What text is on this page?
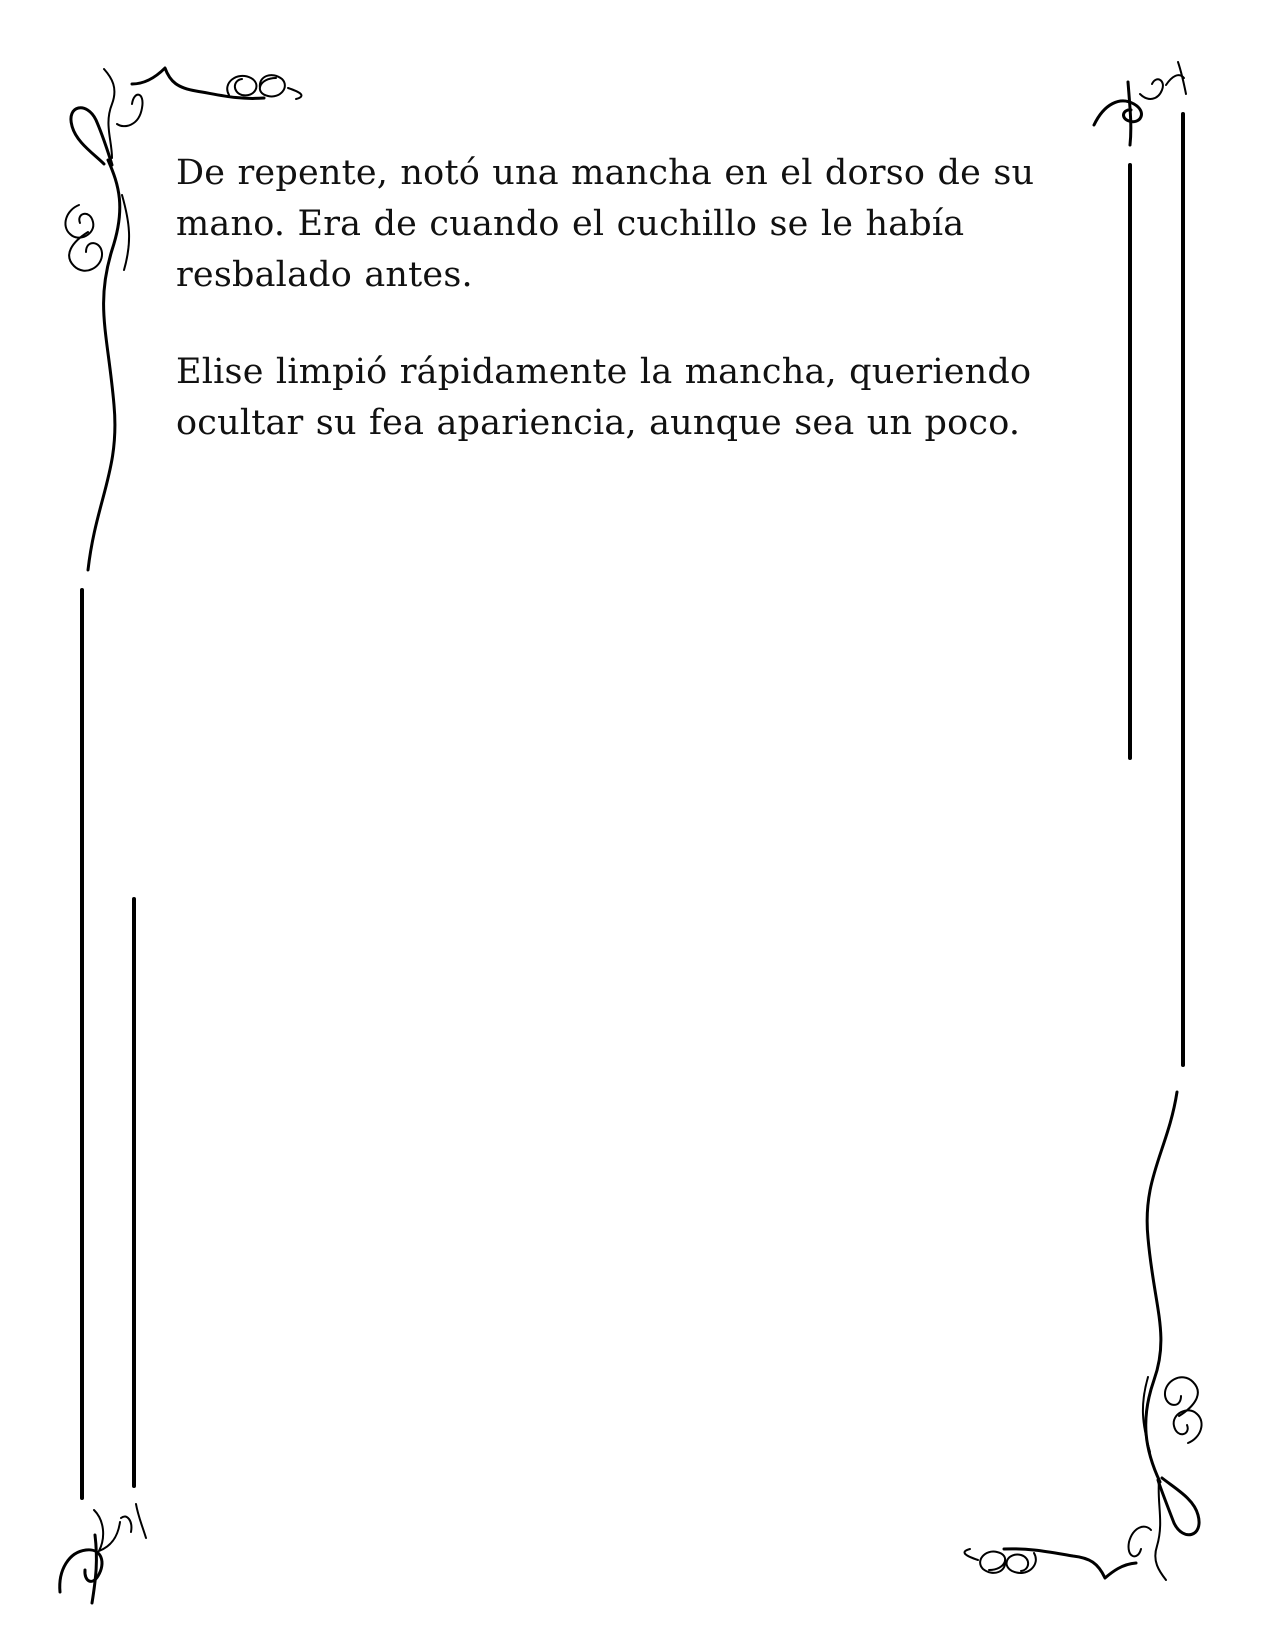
De repente, notó una mancha en el dorso de su mano. Era de cuando el cuchillo se le había resbalado antes.

Elise limpió rápidamente la mancha, queriendo ocultar su fea apariencia, aunque sea un poco.
